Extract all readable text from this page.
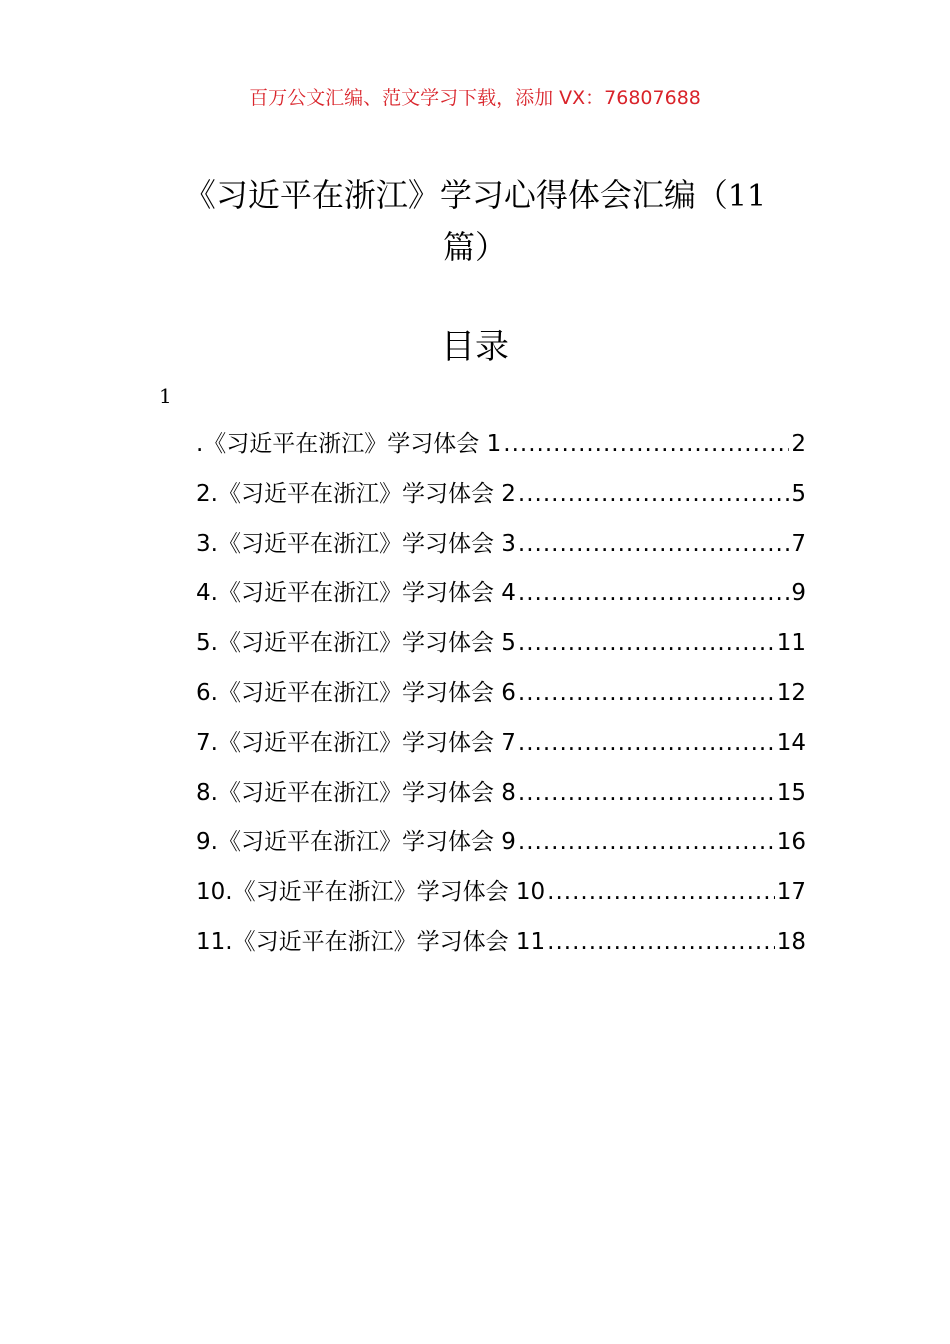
百万公文汇编、范文学习下载，添加 VX：76807688
《习近平在浙江》学习心得体会汇编（11
篇）
目录
1
.《习近平在浙江》学习体会 1 .....	2
2.《习近平在浙江》学习体会 2 .....	5
3.《习近平在浙江》学习体会 3 .....	7
4.《习近平在浙江》学习体会 4 .....	9
5.《习近平在浙江》学习体会 5 .....	11
6.《习近平在浙江》学习体会 6 .....	12
7.《习近平在浙江》学习体会 7 .....	14
8.《习近平在浙江》学习体会 8 .....	15
9.《习近平在浙江》学习体会 9 .....	16
10.《习近平在浙江》学习体会 10 .....	17
11.《习近平在浙江》学习体会 11 .....	18
